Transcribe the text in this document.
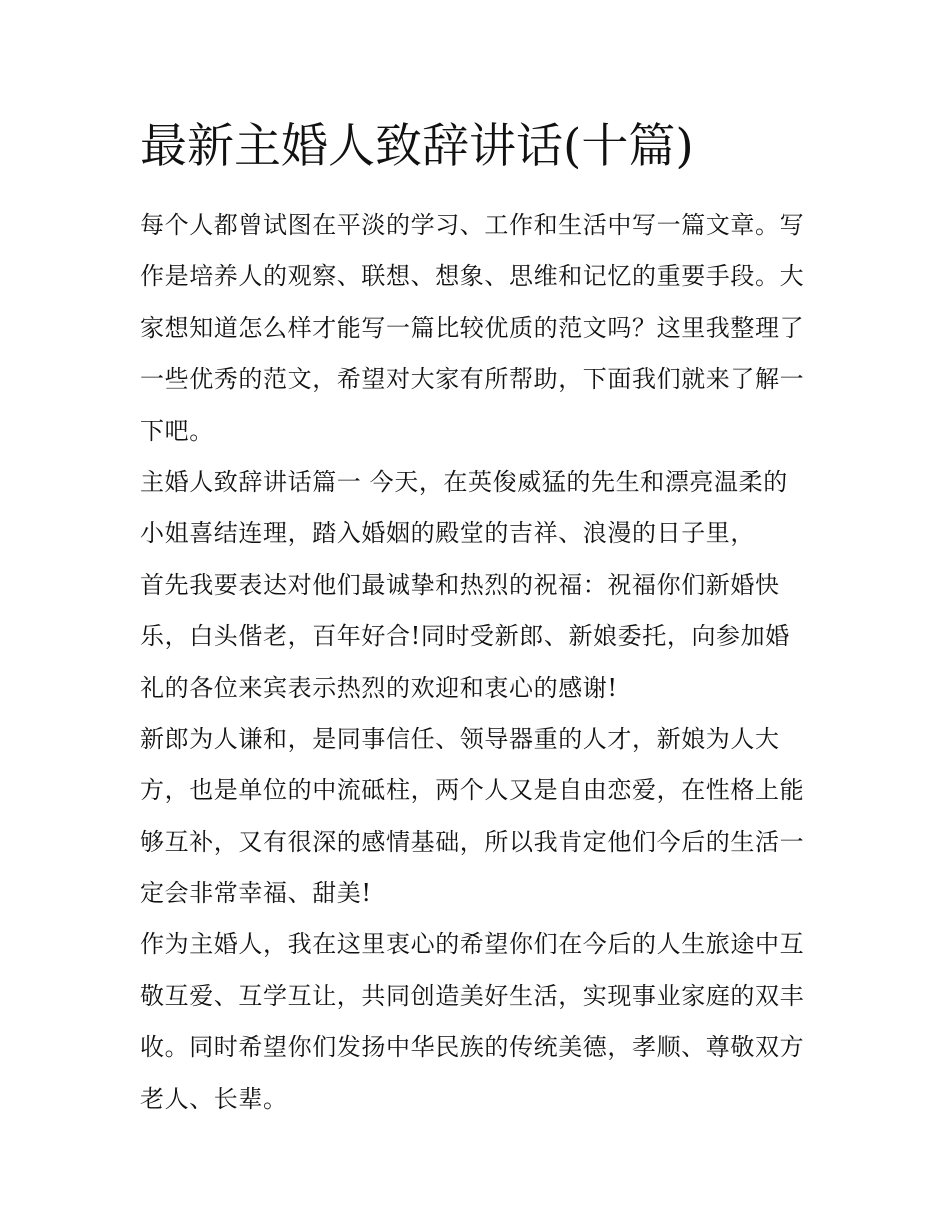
最新主婚人致辞讲话(十篇)
每个人都曾试图在平淡的学习、工作和生活中写一篇文章。写
作是培养人的观察、联想、想象、思维和记忆的重要手段。大
家想知道怎么样才能写一篇比较优质的范文吗？这里我整理了
一些优秀的范文，希望对大家有所帮助，下面我们就来了解一
下吧。
主婚人致辞讲话篇一 今天，在英俊威猛的先生和漂亮温柔的
小姐喜结连理，踏入婚姻的殿堂的吉祥、浪漫的日子里，
首先我要表达对他们最诚挚和热烈的祝福：祝福你们新婚快
乐，白头偕老，百年好合!同时受新郎、新娘委托，向参加婚
礼的各位来宾表示热烈的欢迎和衷心的感谢!
新郎为人谦和，是同事信任、领导器重的人才，新娘为人大
方，也是单位的中流砥柱，两个人又是自由恋爱，在性格上能
够互补，又有很深的感情基础，所以我肯定他们今后的生活一
定会非常幸福、甜美!
作为主婚人，我在这里衷心的希望你们在今后的人生旅途中互
敬互爱、互学互让，共同创造美好生活，实现事业家庭的双丰
收。同时希望你们发扬中华民族的传统美德，孝顺、尊敬双方
老人、长辈。
